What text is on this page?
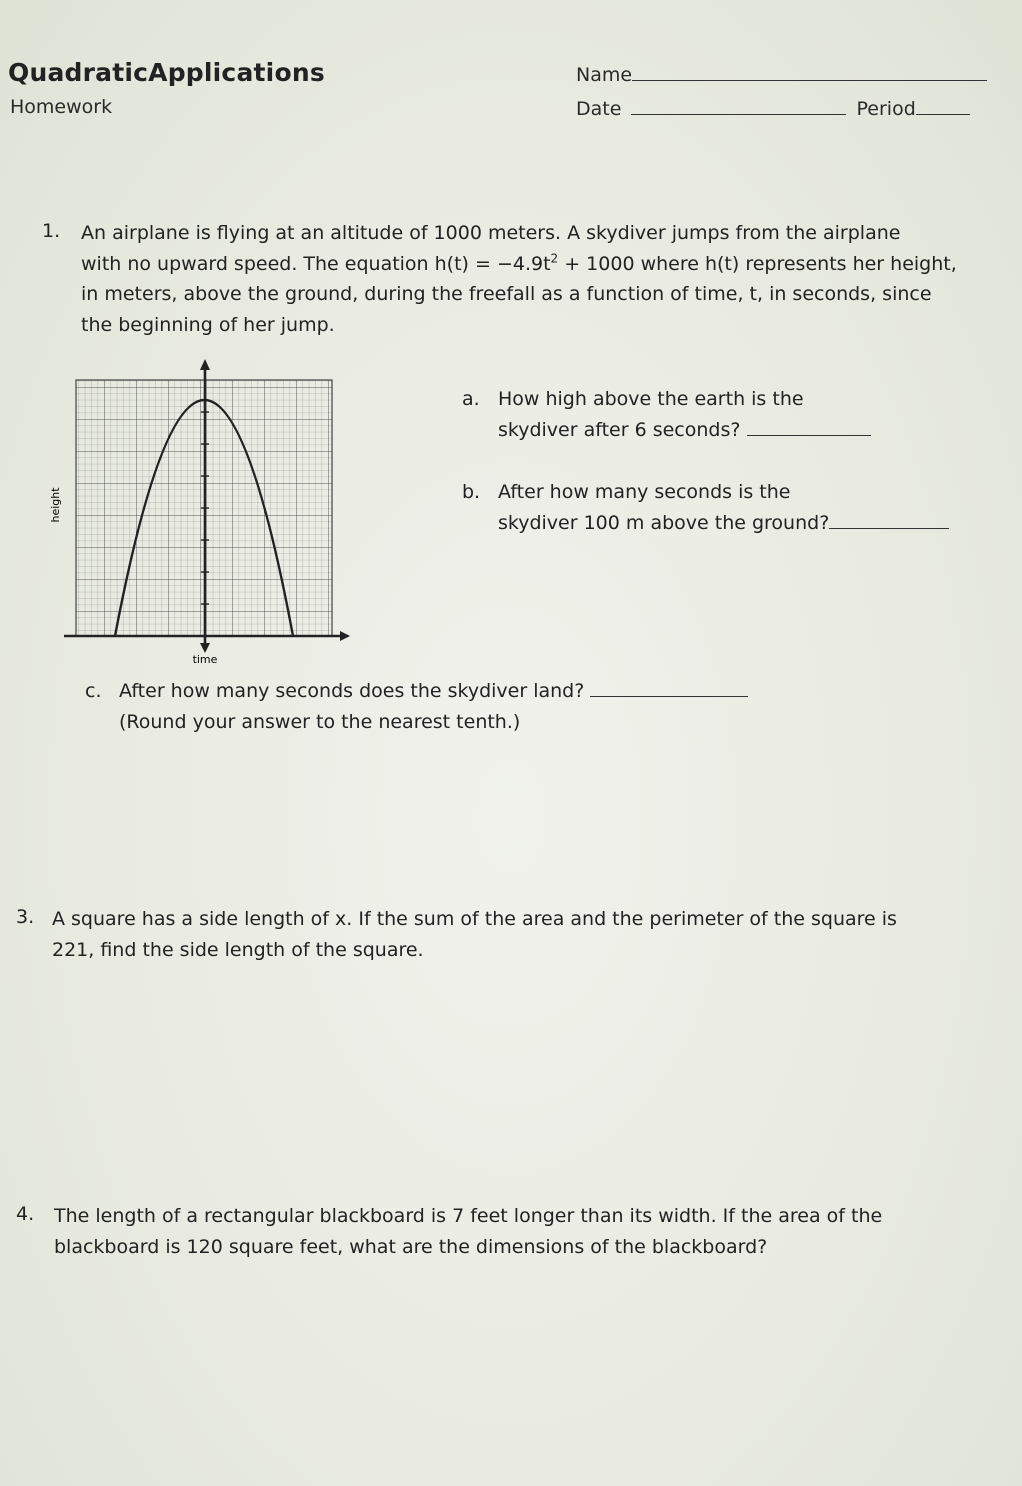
QuadraticApplications
Homework
Name
Date	Period
1. An airplane is flying at an altitude of 1000 meters. A skydiver jumps from the airplane
with no upward speed. The equation $h(t) = -4.9t^2 + 1000$ where h(t) represents her height,
in meters, above the ground, during the freefall as a function of time, t, in seconds, since
the beginning of her jump.
time
height
a. How high above the earth is the
skydiver after 6 seconds?
b. After how many seconds is the
skydiver 100 m above the ground?
c. After how many seconds does the skydiver land?
(Round your answer to the nearest tenth.)
3. A square has a side length of x. If the sum of the area and the perimeter of the square is
221, find the side length of the square.
4. The length of a rectangular blackboard is 7 feet longer than its width. If the area of the
blackboard is 120 square feet, what are the dimensions of the blackboard?
